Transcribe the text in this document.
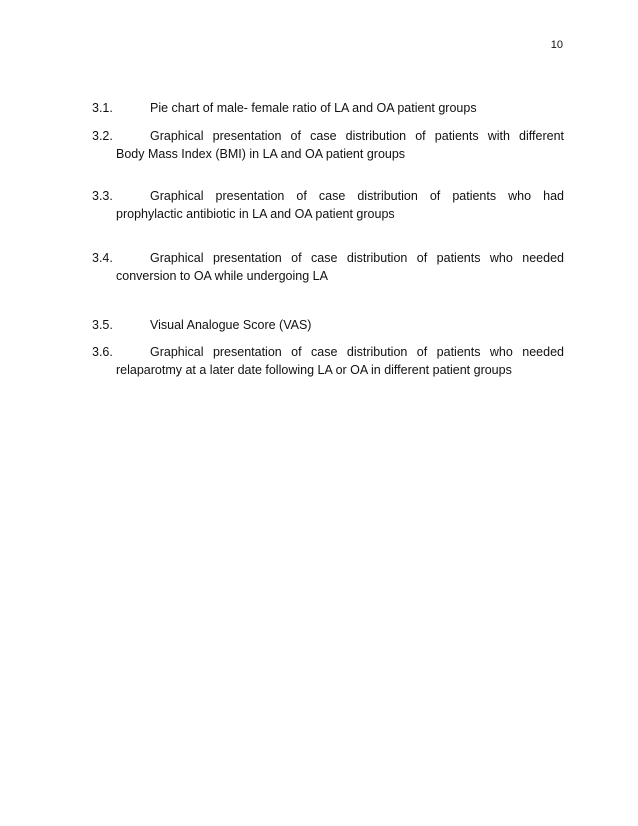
10
3.1.	Pie chart of male- female ratio of LA and OA patient groups
3.2.	Graphical presentation of case distribution of patients with different
Body Mass Index (BMI) in LA and OA patient groups
3.3.	Graphical presentation of case distribution of patients who had
prophylactic antibiotic in LA and OA patient groups
3.4.	Graphical presentation of case distribution of patients who needed
conversion to OA while undergoing LA
3.5.	Visual Analogue Score (VAS)
3.6.	Graphical presentation of case distribution of patients who needed
relaparotmy at a later date following LA or OA in different patient groups
